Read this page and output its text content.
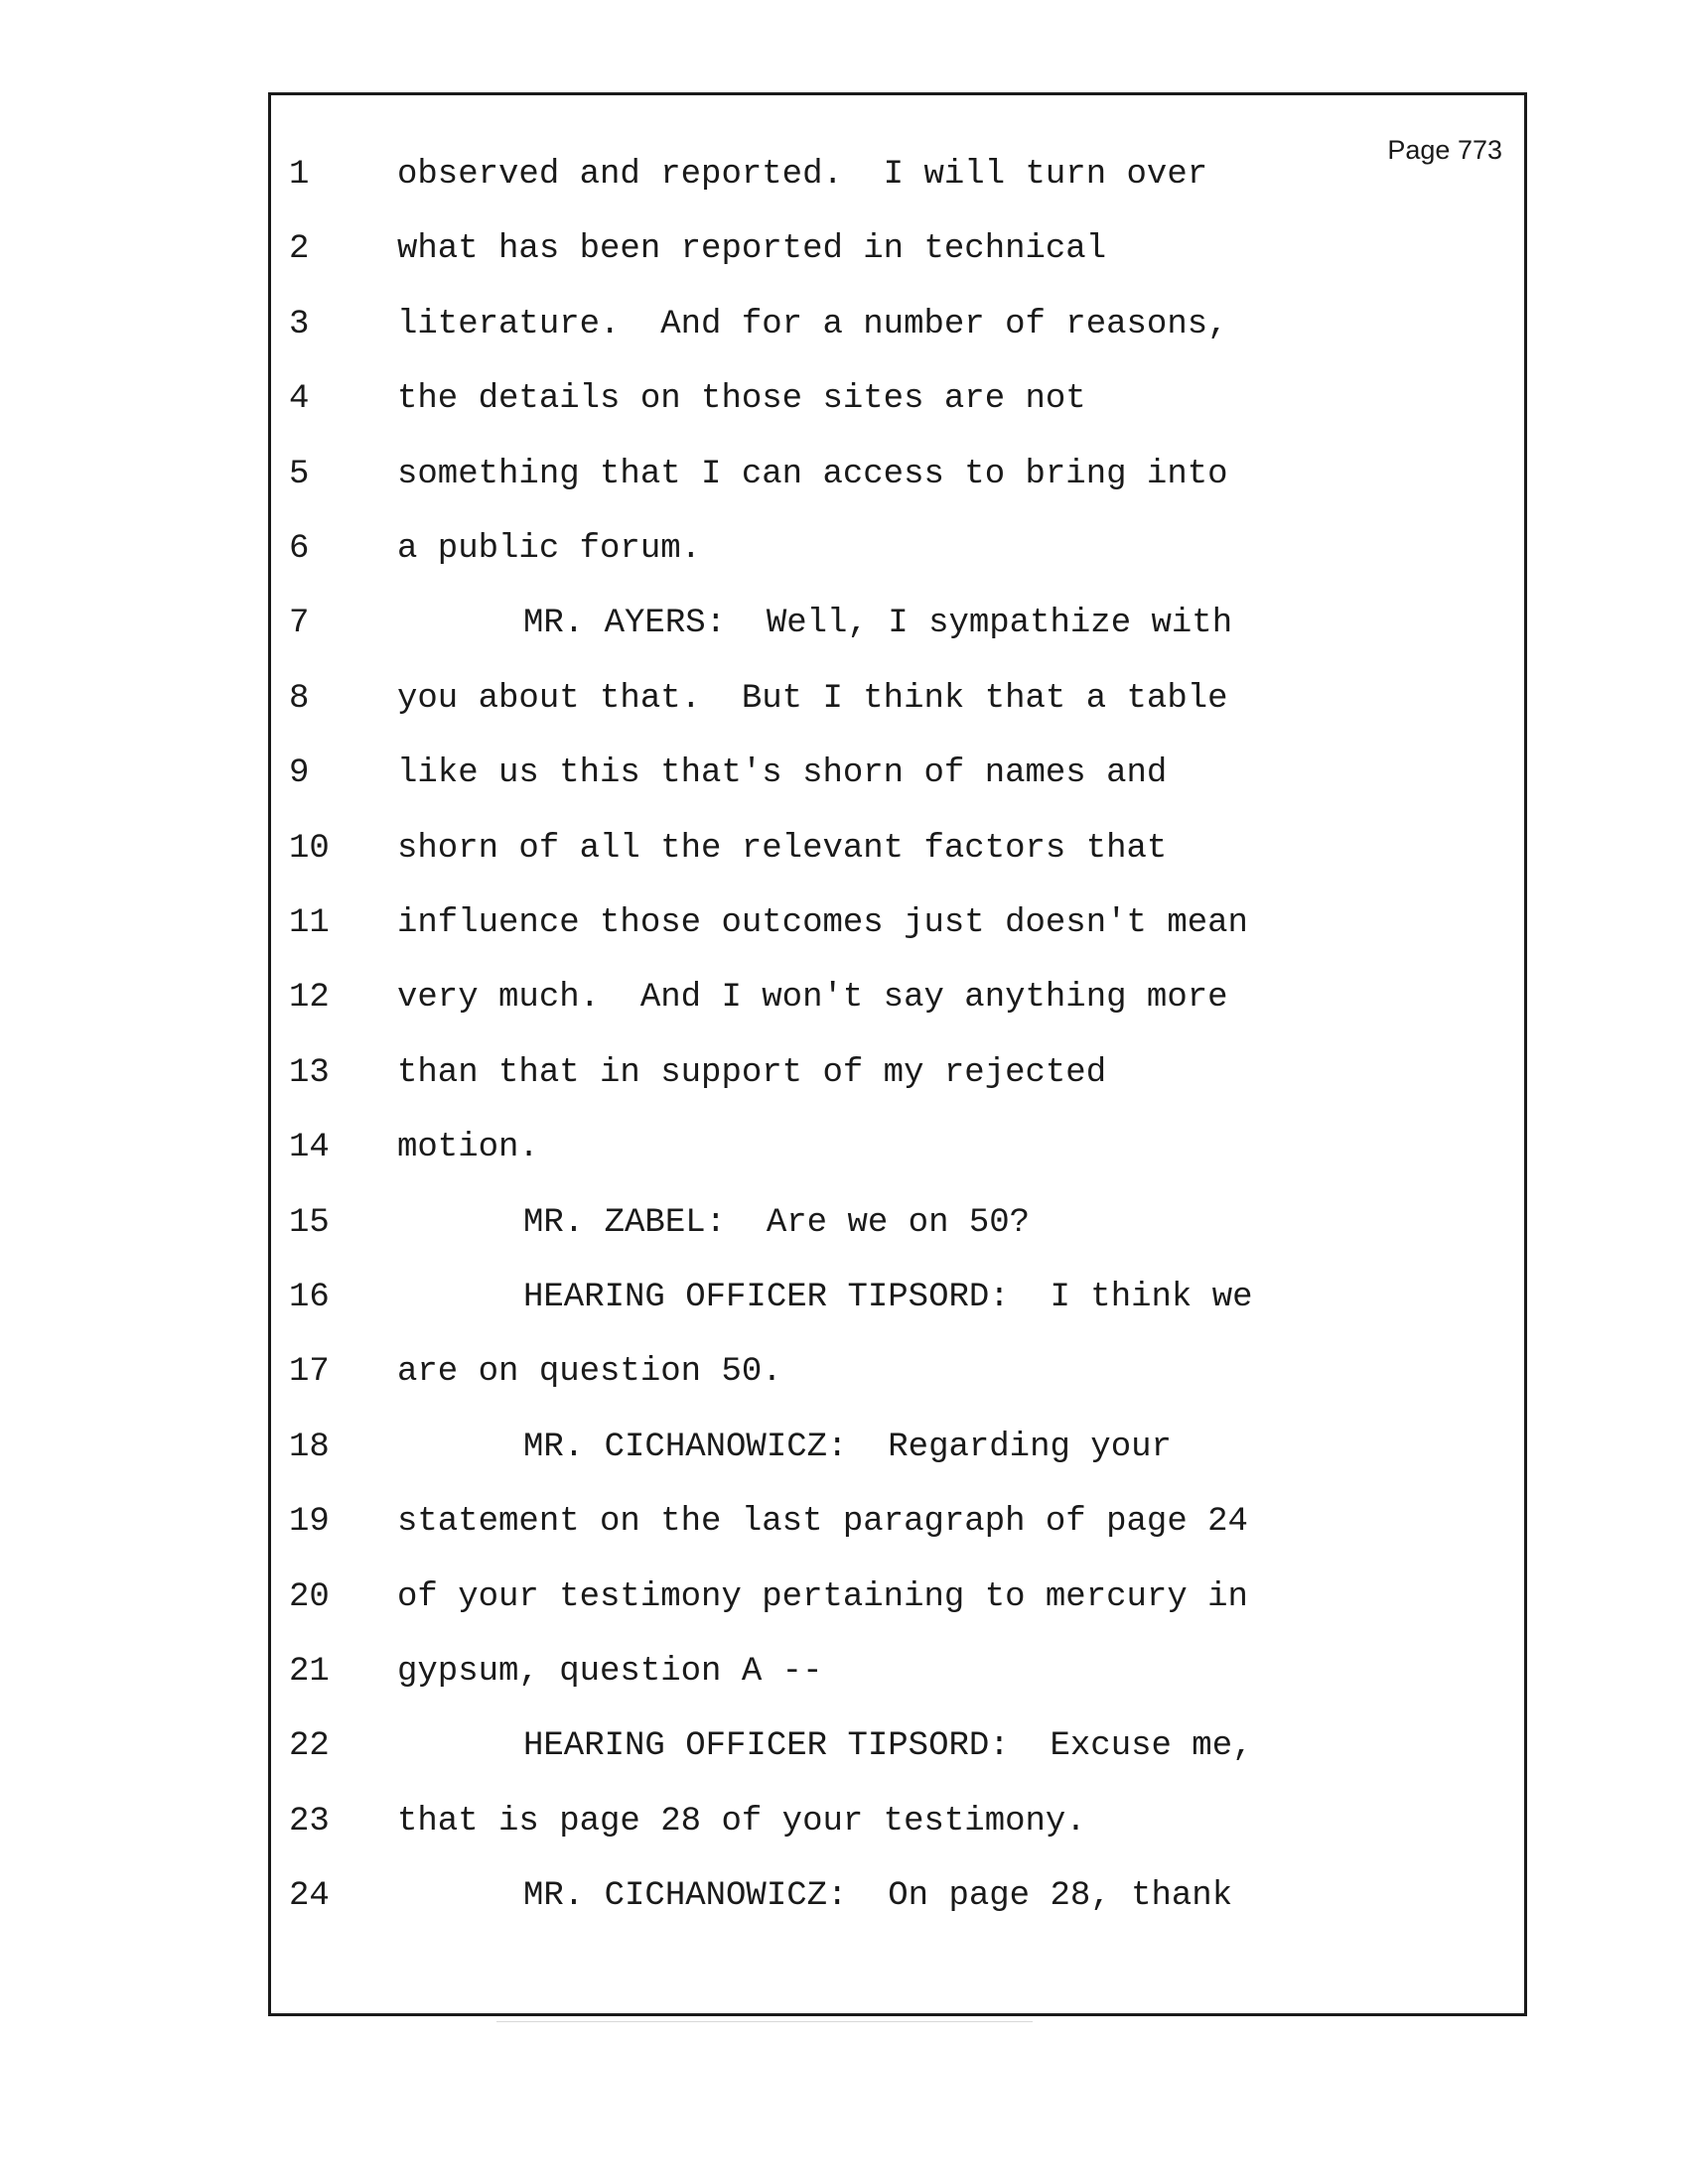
Page 773
1	observed and reported.  I will turn over
2	what has been reported in technical
3	literature.  And for a number of reasons,
4	the details on those sites are not
5	something that I can access to bring into
6	a public forum.
7	MR. AYERS:  Well, I sympathize with
8	you about that.  But I think that a table
9	like us this that's shorn of names and
10	shorn of all the relevant factors that
11	influence those outcomes just doesn't mean
12	very much.  And I won't say anything more
13	than that in support of my rejected
14	motion.
15	MR. ZABEL:  Are we on 50?
16	HEARING OFFICER TIPSORD:  I think we
17	are on question 50.
18	MR. CICHANOWICZ:  Regarding your
19	statement on the last paragraph of page 24
20	of your testimony pertaining to mercury in
21	gypsum, question A --
22	HEARING OFFICER TIPSORD:  Excuse me,
23	that is page 28 of your testimony.
24	MR. CICHANOWICZ:  On page 28, thank
